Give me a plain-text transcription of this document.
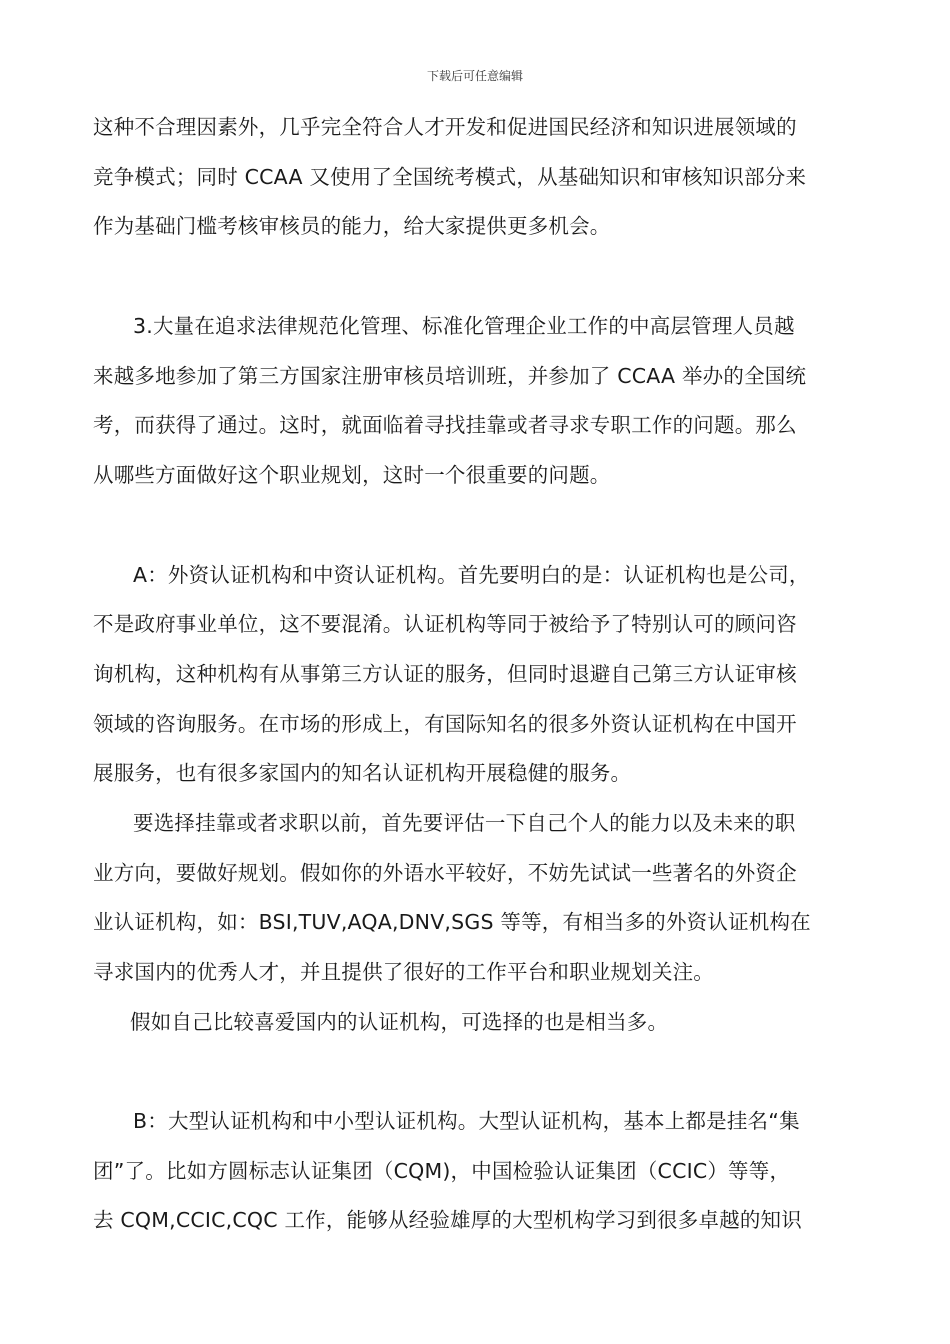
下载后可任意编辑
这种不合理因素外，几乎完全符合人才开发和促进国民经济和知识进展领域的
竞争模式；同时 CCAA 又使用了全国统考模式，从基础知识和审核知识部分来
作为基础门槛考核审核员的能力，给大家提供更多机会。
3.大量在追求法律规范化管理、标准化管理企业工作的中高层管理人员越
来越多地参加了第三方国家注册审核员培训班，并参加了 CCAA 举办的全国统
考，而获得了通过。这时，就面临着寻找挂靠或者寻求专职工作的问题。那么
从哪些方面做好这个职业规划，这时一个很重要的问题。
A：外资认证机构和中资认证机构。首先要明白的是：认证机构也是公司，
不是政府事业单位，这不要混淆。认证机构等同于被给予了特别认可的顾问咨
询机构，这种机构有从事第三方认证的服务，但同时退避自己第三方认证审核
领域的咨询服务。在市场的形成上，有国际知名的很多外资认证机构在中国开
展服务，也有很多家国内的知名认证机构开展稳健的服务。
要选择挂靠或者求职以前，首先要评估一下自己个人的能力以及未来的职
业方向，要做好规划。假如你的外语水平较好，不妨先试试一些著名的外资企
业认证机构，如：BSI,TUV,AQA,DNV,SGS 等等，有相当多的外资认证机构在
寻求国内的优秀人才，并且提供了很好的工作平台和职业规划关注。
假如自己比较喜爱国内的认证机构，可选择的也是相当多。
B：大型认证机构和中小型认证机构。大型认证机构，基本上都是挂名“集
团”了。比如方圆标志认证集团（CQM)，中国检验认证集团（CCIC）等等，
去 CQM,CCIC,CQC 工作，能够从经验雄厚的大型机构学习到很多卓越的知识
